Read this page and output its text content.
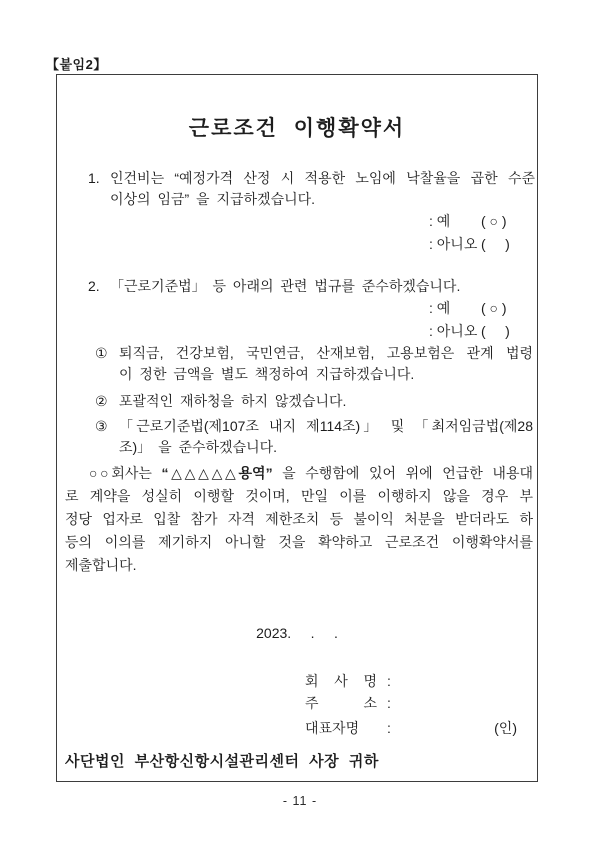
【붙임2】
근로조건 이행확약서
1. 인건비는 “예정가격 산정 시 적용한 노임에 낙찰율을 곱한 수준
이상의 임금” 을 지급하겠습니다.
: 예	( ○ )
: 아니오 (     )
2. 「근로기준법」 등 아래의 관련 법규를 준수하겠습니다.
: 예	( ○ )
: 아니오 (     )
① 퇴직금, 건강보험, 국민연금, 산재보험, 고용보험은 관계 법령
이 정한 금액을 별도 책정하여 지급하겠습니다.
② 포괄적인 재하청을 하지 않겠습니다.
③ 「근로기준법(제107조 내지 제114조)」 및 「최저임금법(제28
조)」 을 준수하겠습니다.
○○회사는 “△△△△△용역” 을 수행함에 있어 위에 언급한 내용대
로 계약을 성실히 이행할 것이며, 만일 이를 이행하지 않을 경우 부
정당 업자로 입찰 참가 자격 제한조치 등 불이익 처분을 받더라도 하
등의 이의를 제기하지 아니할 것을 확약하고 근로조건 이행확약서를
제출합니다.
2023.     .     .
회 사 명 :
주 소 :
대표자명	:	(인)
사단법인 부산항신항시설관리센터 사장 귀하
- 11 -
